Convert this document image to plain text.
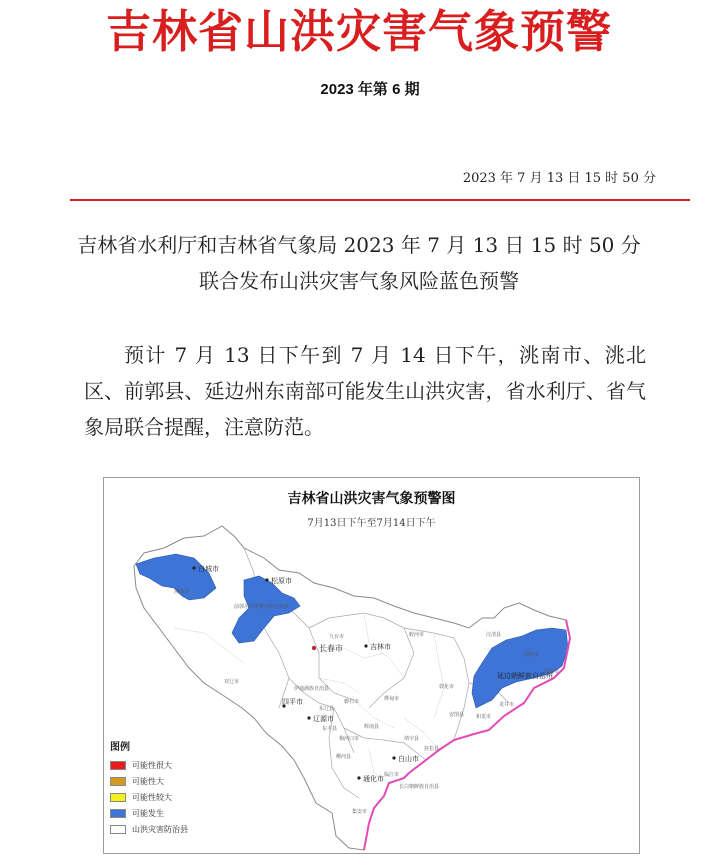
吉林省山洪灾害气象预警
2023 年第 6 期
2023 年 7 月 13 日 15 时 50 分
吉林省水利厅和吉林省气象局 2023 年 7 月 13 日 15 时 50 分
联合发布山洪灾害气象风险蓝色预警
预计 7 月 13 日下午到 7 月 14 日下午，洮南市、洮北区、前郭县、延边州东南部可能发生山洪灾害，省水利厅、省气象局联合提醒，注意防范。
吉林省山洪灾害气象预警图
7月13日下午至7月14日下午
白城市
松原市
长春市	吉林市
四平市
辽源市
白山市
通化市
延边朝鲜族自治州
洮南市
前郭尔罗斯蒙古族自治县
九台市	蛟河市
敦化市
安图县 和龙市
龙井市
图们市
珲春市
汪清县
磐石市	桦甸市
梅河口市
柳河县
靖宇县
抚松县
长白朝鲜族自治县
临江市
集安市
东丰县
东辽县
伊通满族自治县
双辽市
辉南县
图例
可能性很大
可能性大
可能性较大
可能发生
山洪灾害防治县
